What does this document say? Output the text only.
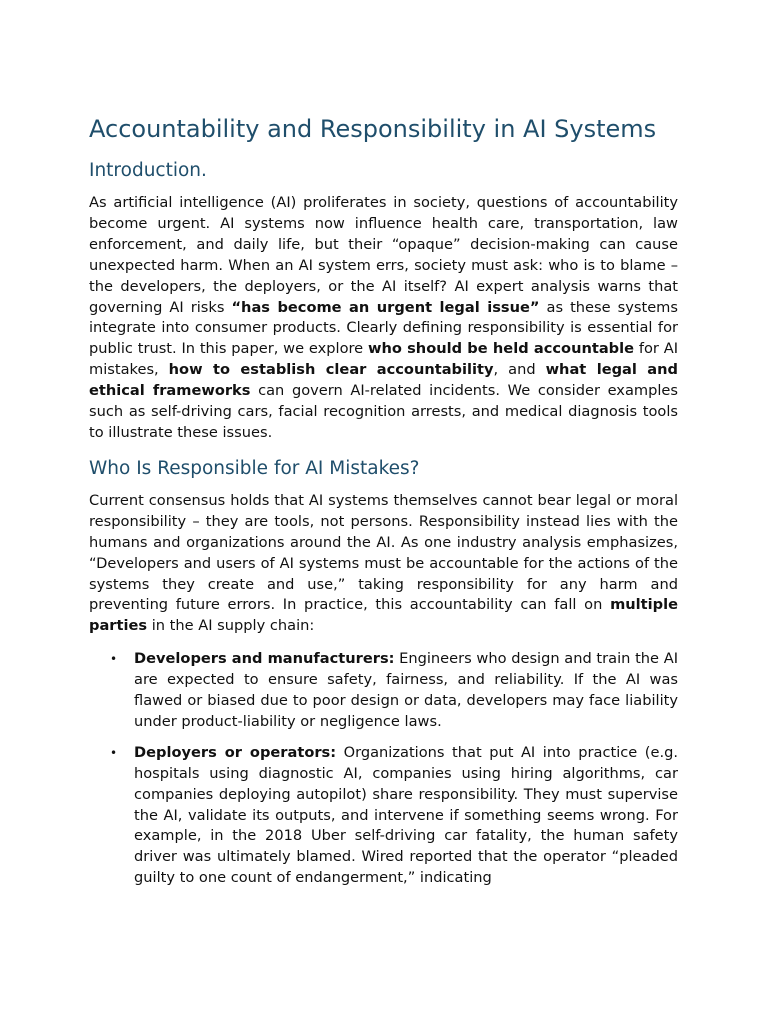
Accountability and Responsibility in AI Systems
Introduction.

As artificial intelligence (AI) proliferates in society, questions of accountability become urgent. AI systems now influence health care, transportation, law enforcement, and daily life, but their “opaque” decision-making can cause unexpected harm. When an AI system errs, society must ask: who is to blame – the developers, the deployers, or the AI itself? AI expert analysis warns that governing AI risks “has become an urgent legal issue” as these systems integrate into consumer products. Clearly defining responsibility is essential for public trust. In this paper, we explore who should be held accountable for AI mistakes, how to establish clear accountability, and what legal and ethical frameworks can govern AI-related incidents. We consider examples such as self-driving cars, facial recognition arrests, and medical diagnosis tools to illustrate these issues.

Who Is Responsible for AI Mistakes?

Current consensus holds that AI systems themselves cannot bear legal or moral responsibility – they are tools, not persons. Responsibility instead lies with the humans and organizations around the AI. As one industry analysis emphasizes, “Developers and users of AI systems must be accountable for the actions of the systems they create and use,” taking responsibility for any harm and preventing future errors. In practice, this accountability can fall on multiple parties in the AI supply chain:

• Developers and manufacturers: Engineers who design and train the AI are expected to ensure safety, fairness, and reliability. If the AI was flawed or biased due to poor design or data, developers may face liability under product-liability or negligence laws.
• Deployers or operators: Organizations that put AI into practice (e.g. hospitals using diagnostic AI, companies using hiring algorithms, car companies deploying autopilot) share responsibility. They must supervise the AI, validate its outputs, and intervene if something seems wrong. For example, in the 2018 Uber self-driving car fatality, the human safety driver was ultimately blamed. Wired reported that the operator “pleaded guilty to one count of endangerment,” indicating
